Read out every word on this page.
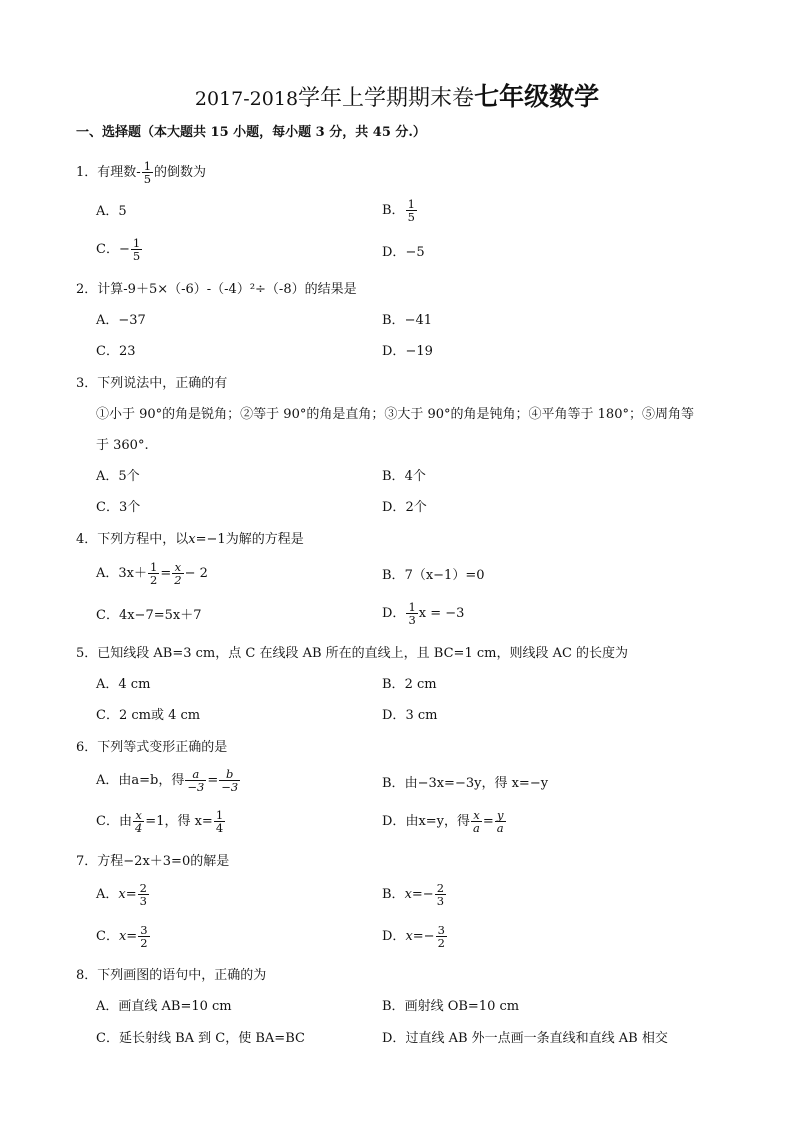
2017-2018学年上学期期末卷七年级数学
一、选择题（本大题共 15 小题，每小题 3 分，共 45 分.）
1．有理数- $\frac{1}{5}$ 的倒数为
A．5	B． $\frac{1}{5}$
C．− $\frac{1}{5}$	D．−5
2．计算-9＋5×（-6）-（-4）²÷（-8）的结果是
A．−37	B．−41
C．23	D．−19
3．下列说法中，正确的有
①小于 90°的角是锐角；②等于 90°的角是直角；③大于 90°的角是钝角；④平角等于 180°；⑤周角等
于 360°.
A．5个	B．4个
C．3个	D．2个
4．下列方程中，以x=−1为解的方程是
A．$3x+ \frac{1}{2} = \frac{x}{2} - 2$	B．7（x−1）=0
C．4x−7=5x＋7	D． $\frac{1}{3}$ x = −3
5．已知线段 AB=3 cm，点 C 在线段 AB 所在的直线上，且 BC=1 cm，则线段 AC 的长度为
A．4 cm	B．2 cm
C．2 cm或 4 cm	D．3 cm
6．下列等式变形正确的是
A．由a=b，得 $\frac{a}{-3} = \frac{b}{-3}$	B．由−3x=−3y，得 x=−y
C．由 $\frac{x}{4} =1$，得 $x= \frac{1}{4}$	D．由x=y，得 $\frac{x}{a} = \frac{y}{a}$
7．方程−2x＋3=0的解是
A．$x= \frac{2}{3}$	B．$x=- \frac{2}{3}$
C．$x= \frac{3}{2}$	D．$x=- \frac{3}{2}$
8．下列画图的语句中，正确的为
A．画直线 AB=10 cm	B．画射线 OB=10 cm
C．延长射线 BA 到 C，使 BA=BC	D．过直线 AB 外一点画一条直线和直线 AB 相交
